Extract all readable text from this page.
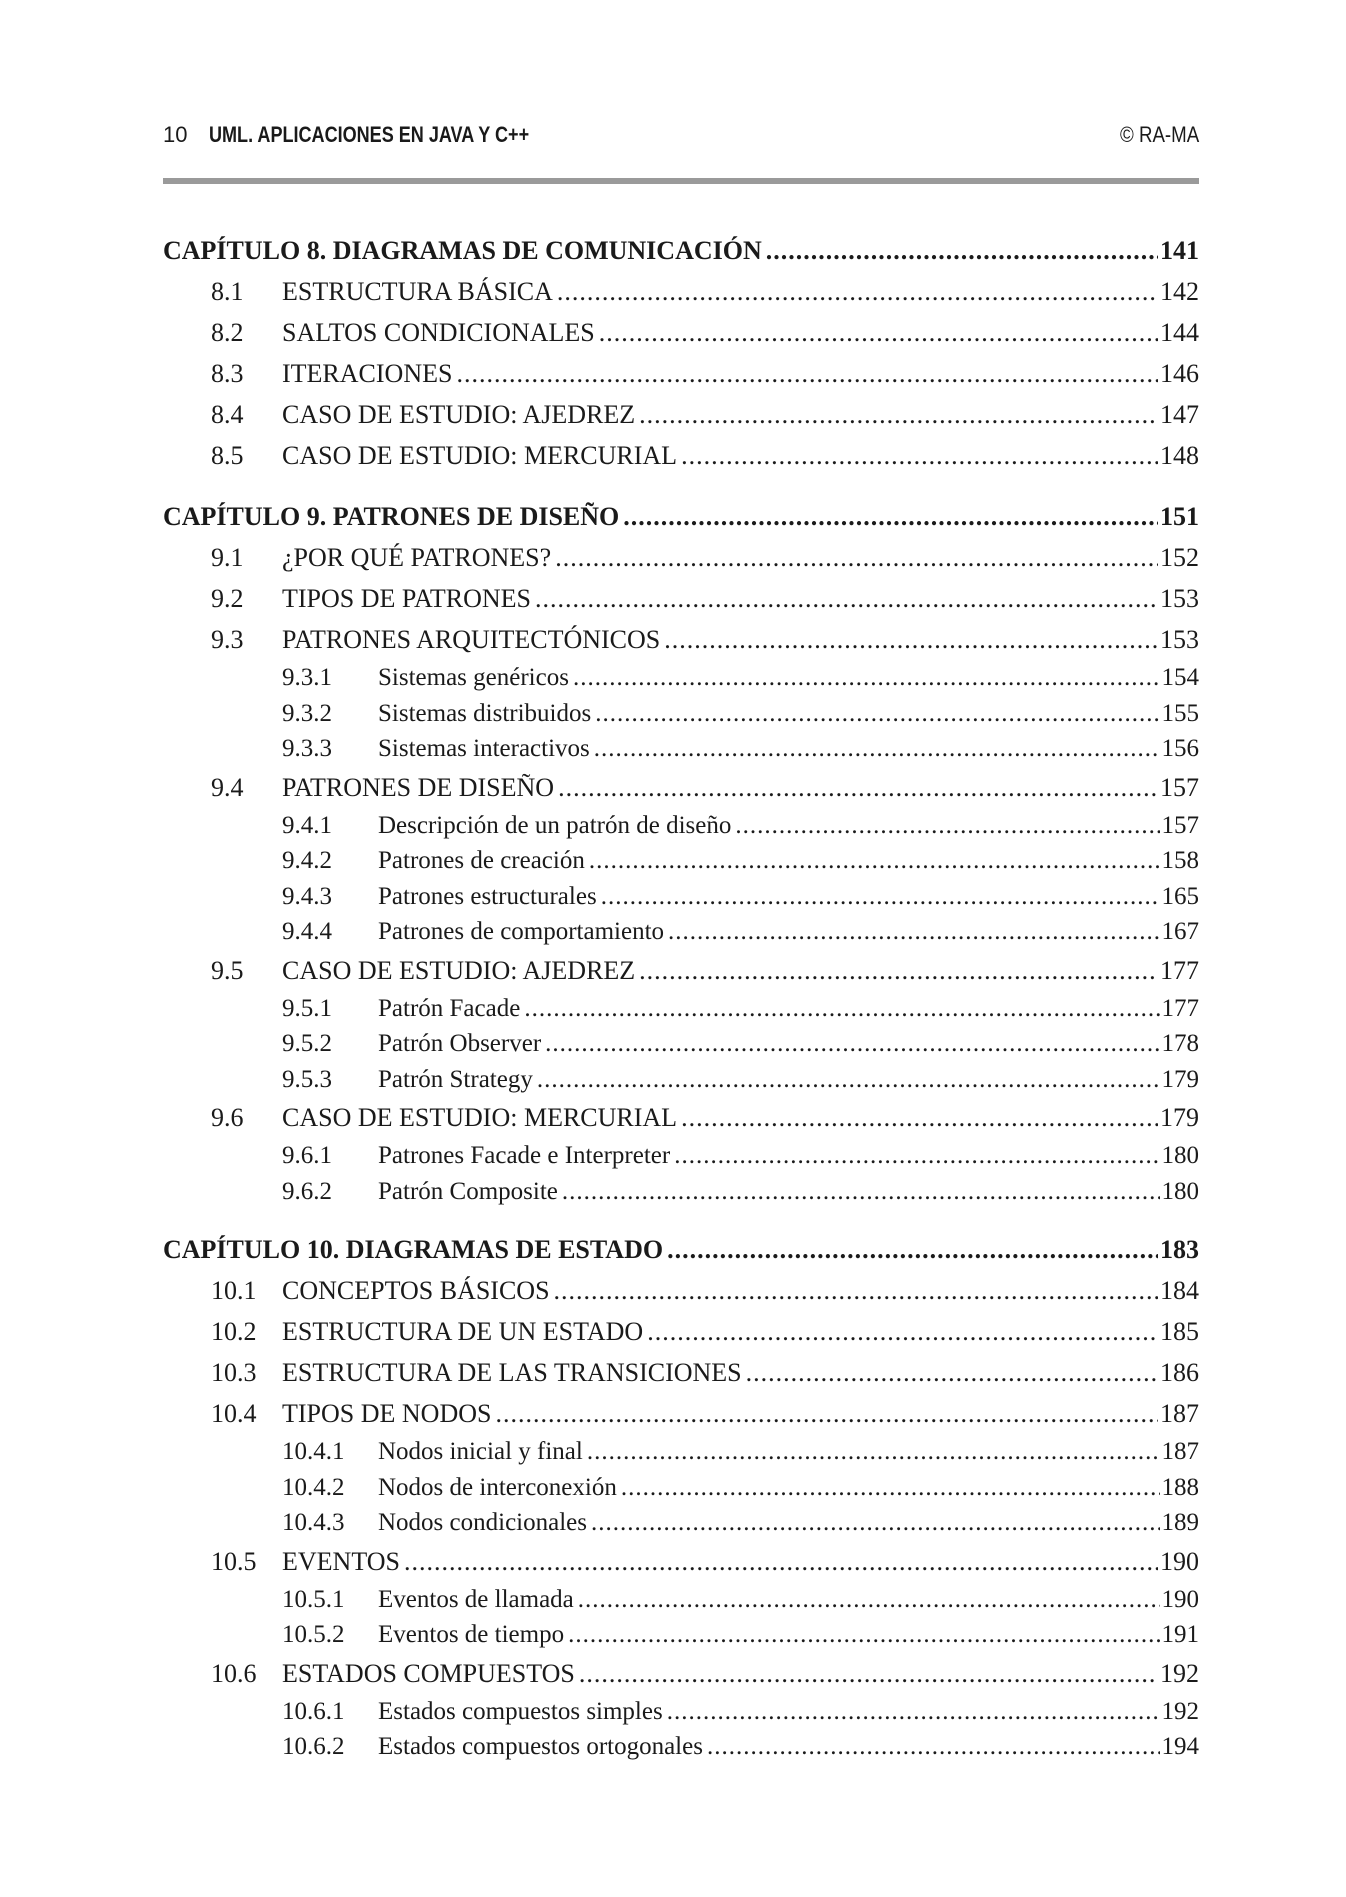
10 UML. APLICACIONES EN JAVA Y C++	© RA-MA
CAPÍTULO 8. DIAGRAMAS DE COMUNICACIÓN .....	141
8.1	ESTRUCTURA BÁSICA .....	142
8.2	SALTOS CONDICIONALES .....	144
8.3	ITERACIONES .....	146
8.4	CASO DE ESTUDIO: AJEDREZ .....	147
8.5	CASO DE ESTUDIO: MERCURIAL .....	148
CAPÍTULO 9. PATRONES DE DISEÑO .....	151
9.1	¿POR QUÉ PATRONES? .....	152
9.2	TIPOS DE PATRONES .....	153
9.3	PATRONES ARQUITECTÓNICOS .....	153
9.3.1	Sistemas genéricos .....	154
9.3.2	Sistemas distribuidos .....	155
9.3.3	Sistemas interactivos .....	156
9.4	PATRONES DE DISEÑO .....	157
9.4.1	Descripción de un patrón de diseño .....	157
9.4.2	Patrones de creación .....	158
9.4.3	Patrones estructurales .....	165
9.4.4	Patrones de comportamiento .....	167
9.5	CASO DE ESTUDIO: AJEDREZ .....	177
9.5.1	Patrón Facade .....	177
9.5.2	Patrón Observer .....	178
9.5.3	Patrón Strategy .....	179
9.6	CASO DE ESTUDIO: MERCURIAL .....	179
9.6.1	Patrones Facade e Interpreter .....	180
9.6.2	Patrón Composite .....	180
CAPÍTULO 10. DIAGRAMAS DE ESTADO .....	183
10.1 CONCEPTOS BÁSICOS .....	184
10.2 ESTRUCTURA DE UN ESTADO .....	185
10.3 ESTRUCTURA DE LAS TRANSICIONES .....	186
10.4 TIPOS DE NODOS .....	187
10.4.1	Nodos inicial y final .....	187
10.4.2	Nodos de interconexión .....	188
10.4.3	Nodos condicionales .....	189
10.5 EVENTOS .....	190
10.5.1	Eventos de llamada .....	190
10.5.2	Eventos de tiempo .....	191
10.6 ESTADOS COMPUESTOS .....	192
10.6.1	Estados compuestos simples .....	192
10.6.2	Estados compuestos ortogonales .....	194
